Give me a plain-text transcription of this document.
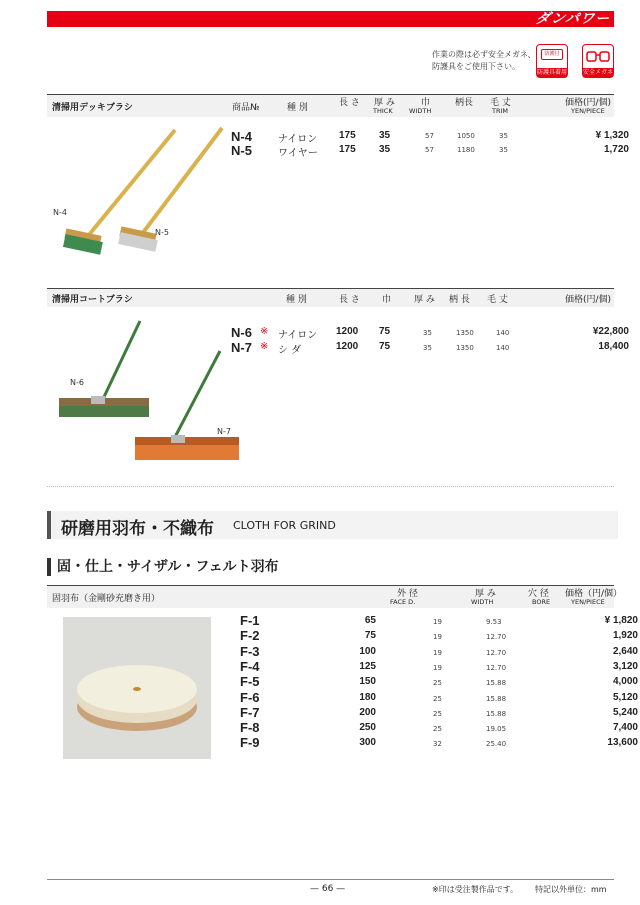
ダンパワー
作業の際は必ず安全メガネ、
防護具をご使用下さい。
防護付
防護具着用	安全メガネ
清掃用デッキブラシ	商品№	種 別	長 さ 厚 み
THICK
巾
WIDTH
柄長 毛 丈
TRIM
価格(円/個)
YEN/PIECE
N-4	ナイロン 175 35	57	1050	35	¥ 1,320
N-5	ワイヤー 175 35	57	1180	35	1,720
N-4
N-5
清掃用コートブラシ	種 別	長 さ 巾	厚 み 柄 長 毛 丈	価格(円/個)
N-6 ※ ナイロン 1200 75	35	1350	140	¥22,800
N-7 ※ シ ダ	1200 75	35	1350	140	18,400
N-6
N-7
研磨用羽布・不織布 CLOTH FOR GRIND
固・仕上・サイザル・フェルト羽布
固羽布（金剛砂充磨き用）	外 径
FACE D.
厚 み
WIDTH
穴 径
BORE
価格（円/個）
YEN/PIECE
F-1	65	19	9.53	¥ 1,820
F-2	75	19	12.70	1,920
F-3	100	19	12.70	2,640
F-4	125	19	12.70	3,120
F-5	150	25	15.88	4,000
F-6	180	25	15.88	5,120
F-7	200	25	15.88	5,240
F-8	250	25	19.05	7,400
F-9	300	32	25.40	13,600
— 66 —	※印は受注製作品です。 特記以外単位：mm
